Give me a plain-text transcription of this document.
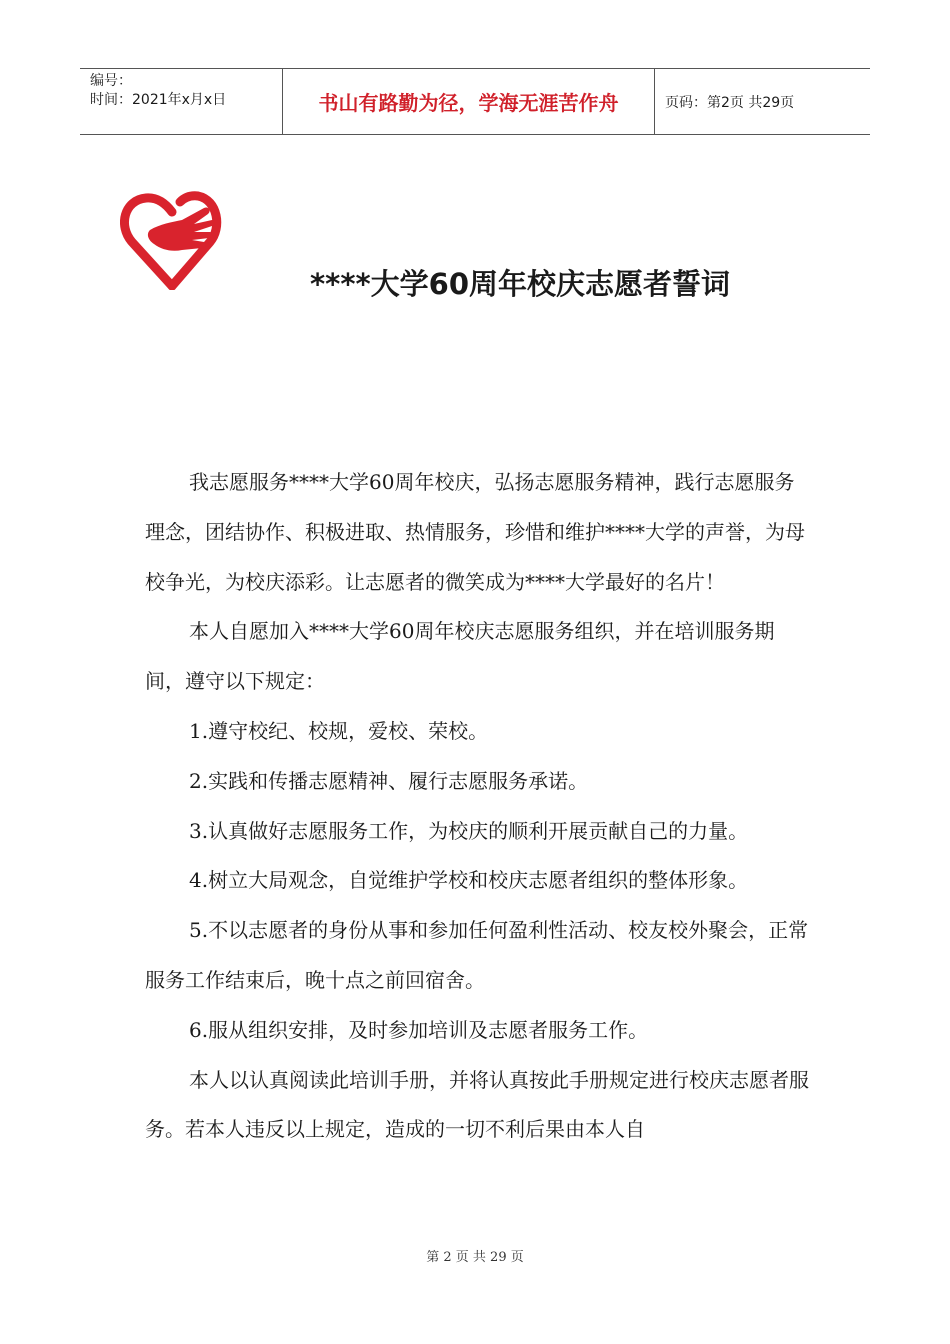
编号：
时间：2021年x月x日	书山有路勤为径，学海无涯苦作舟	页码：第2页 共29页
****大学60周年校庆志愿者誓词

我志愿服务****大学60周年校庆，弘扬志愿服务精神，践行志愿服务理念，团结协作、积极进取、热情服务，珍惜和维护****大学的声誉，为母校争光，为校庆添彩。让志愿者的微笑成为****大学最好的名片！

本人自愿加入****大学60周年校庆志愿服务组织，并在培训服务期间，遵守以下规定：

1.遵守校纪、校规，爱校、荣校。

2.实践和传播志愿精神、履行志愿服务承诺。

3.认真做好志愿服务工作，为校庆的顺利开展贡献自己的力量。

4.树立大局观念，自觉维护学校和校庆志愿者组织的整体形象。

5.不以志愿者的身份从事和参加任何盈利性活动、校友校外聚会，正常服务工作结束后，晚十点之前回宿舍。

6.服从组织安排，及时参加培训及志愿者服务工作。

本人以认真阅读此培训手册，并将认真按此手册规定进行校庆志愿者服务。若本人违反以上规定，造成的一切不利后果由本人自

第 2 页 共 29 页
